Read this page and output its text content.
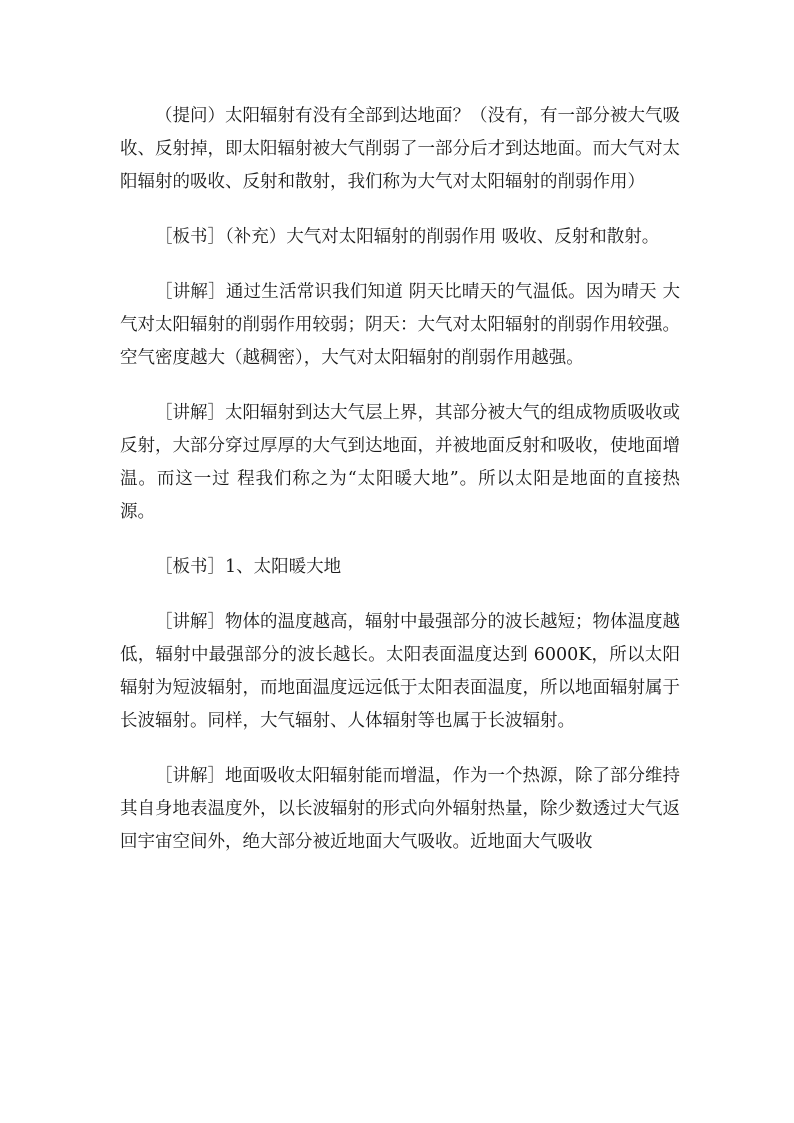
（提问）太阳辐射有没有全部到达地面？（没有，有一部分被大气吸收、反射掉，即太阳辐射被大气削弱了一部分后才到达地面。而大气对太阳辐射的吸收、反射和散射，我们称为大气对太阳辐射的削弱作用）

［板书］（补充）大气对太阳辐射的削弱作用 吸收、反射和散射。

［讲解］通过生活常识我们知道 阴天比晴天的气温低。因为晴天 大气对太阳辐射的削弱作用较弱；阴天：大气对太阳辐射的削弱作用较强。空气密度越大（越稠密），大气对太阳辐射的削弱作用越强。

［讲解］太阳辐射到达大气层上界，其部分被大气的组成物质吸收或反射，大部分穿过厚厚的大气到达地面，并被地面反射和吸收，使地面增温。而这一过 程我们称之为“太阳暖大地”。所以太阳是地面的直接热源。

［板书］1、太阳暖大地

［讲解］物体的温度越高，辐射中最强部分的波长越短；物体温度越低，辐射中最强部分的波长越长。太阳表面温度达到 6000K，所以太阳辐射为短波辐射，而地面温度远远低于太阳表面温度，所以地面辐射属于长波辐射。同样，大气辐射、人体辐射等也属于长波辐射。

［讲解］地面吸收太阳辐射能而增温，作为一个热源，除了部分维持其自身地表温度外，以长波辐射的形式向外辐射热量，除少数透过大气返回宇宙空间外，绝大部分被近地面大气吸收。近地面大气吸收
